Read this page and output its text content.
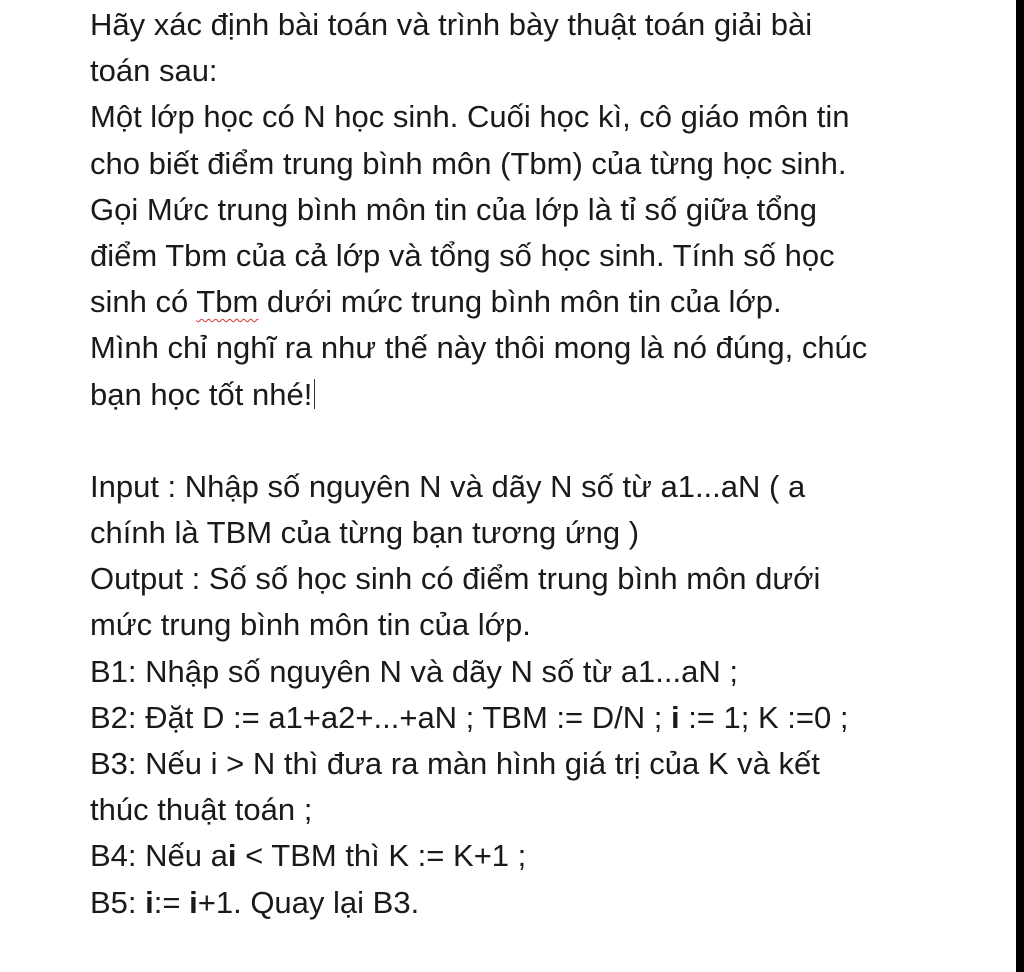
Hãy xác định bài toán và trình bày thuật toán giải bài
toán sau:
Một lớp học có N học sinh. Cuối học kì, cô giáo môn tin
cho biết điểm trung bình môn (Tbm) của từng học sinh.
Gọi Mức trung bình môn tin của lớp là tỉ số giữa tổng
điểm Tbm của cả lớp và tổng số học sinh. Tính số học
sinh có Tbm dưới mức trung bình môn tin của lớp.
Mình chỉ nghĩ ra như thế này thôi mong là nó đúng, chúc
bạn học tốt nhé!
Input : Nhập số nguyên N và dãy N số từ a1...aN ( a
chính là TBM của từng bạn tương ứng )
Output : Số số học sinh có điểm trung bình môn dưới
mức trung bình môn tin của lớp.
B1: Nhập số nguyên N và dãy N số từ a1...aN ;
B2: Đặt D := a1+a2+...+aN ; TBM := D/N ; i := 1; K :=0 ;
B3: Nếu i > N thì đưa ra màn hình giá trị của K và kết
thúc thuật toán ;
B4: Nếu ai < TBM thì K := K+1 ;
B5: i:= i+1. Quay lại B3.
